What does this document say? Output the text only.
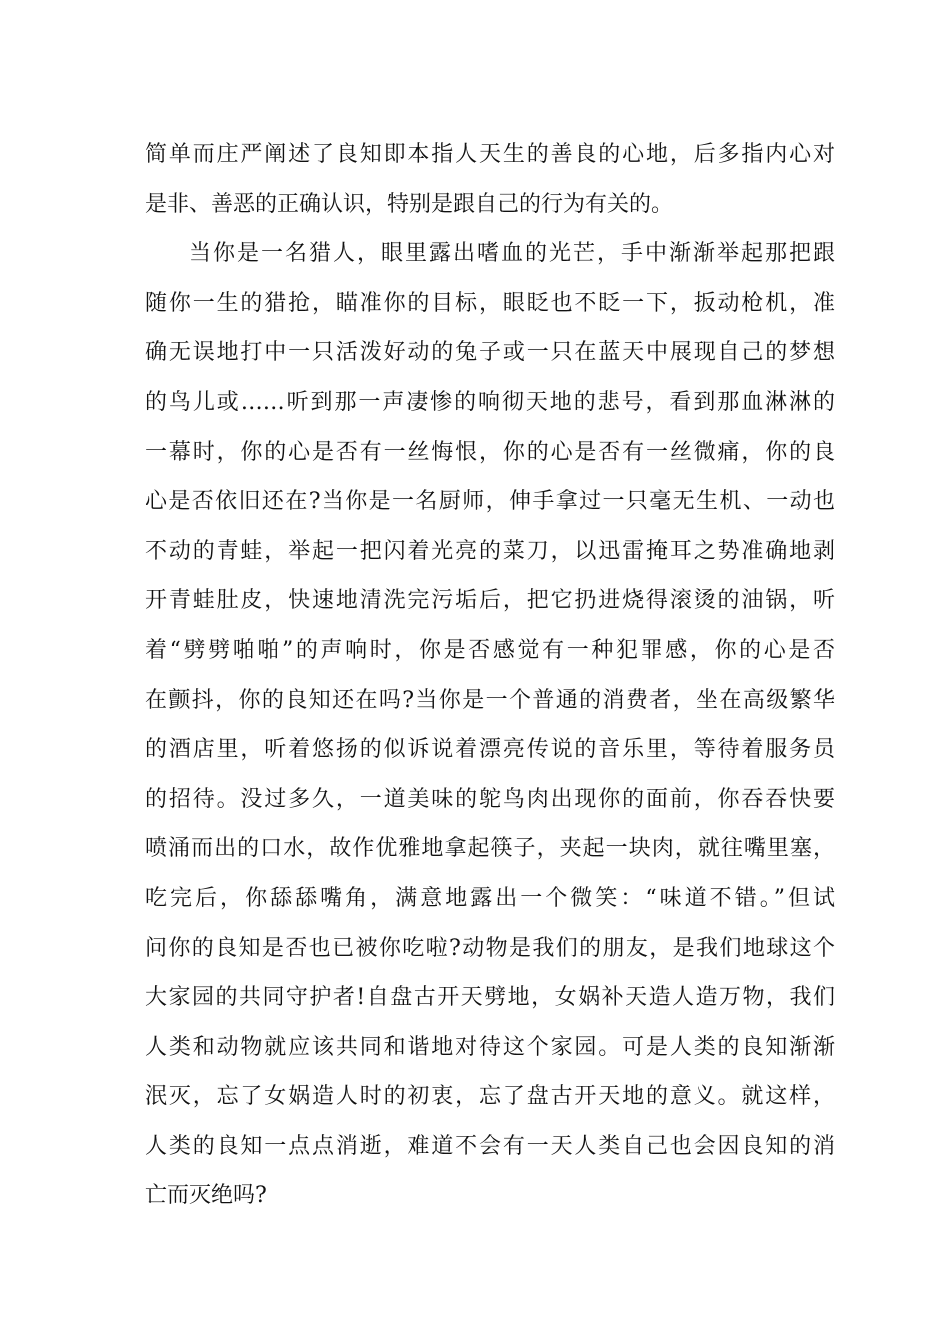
简单而庄严阐述了良知即本指人天生的善良的心地，后多指内心对
是非、善恶的正确认识，特别是跟自己的行为有关的。
当你是一名猎人，眼里露出嗜血的光芒，手中渐渐举起那把跟
随你一生的猎抢，瞄准你的目标，眼眨也不眨一下，扳动枪机，准
确无误地打中一只活泼好动的兔子或一只在蓝天中展现自己的梦想
的鸟儿或……听到那一声凄惨的响彻天地的悲号，看到那血淋淋的
一幕时，你的心是否有一丝悔恨，你的心是否有一丝微痛，你的良
心是否依旧还在?当你是一名厨师，伸手拿过一只毫无生机、一动也
不动的青蛙，举起一把闪着光亮的菜刀，以迅雷掩耳之势准确地剥
开青蛙肚皮，快速地清洗完污垢后，把它扔进烧得滚烫的油锅，听
着“劈劈啪啪”的声响时，你是否感觉有一种犯罪感，你的心是否
在颤抖，你的良知还在吗?当你是一个普通的消费者，坐在高级繁华
的酒店里，听着悠扬的似诉说着漂亮传说的音乐里，等待着服务员
的招待。没过多久，一道美味的鸵鸟肉出现你的面前，你吞吞快要
喷涌而出的口水，故作优雅地拿起筷子，夹起一块肉，就往嘴里塞，
吃完后，你舔舔嘴角，满意地露出一个微笑：“味道不错。”但试
问你的良知是否也已被你吃啦?动物是我们的朋友，是我们地球这个
大家园的共同守护者!自盘古开天劈地，女娲补天造人造万物，我们
人类和动物就应该共同和谐地对待这个家园。可是人类的良知渐渐
泯灭，忘了女娲造人时的初衷，忘了盘古开天地的意义。就这样，
人类的良知一点点消逝，难道不会有一天人类自己也会因良知的消
亡而灭绝吗?
